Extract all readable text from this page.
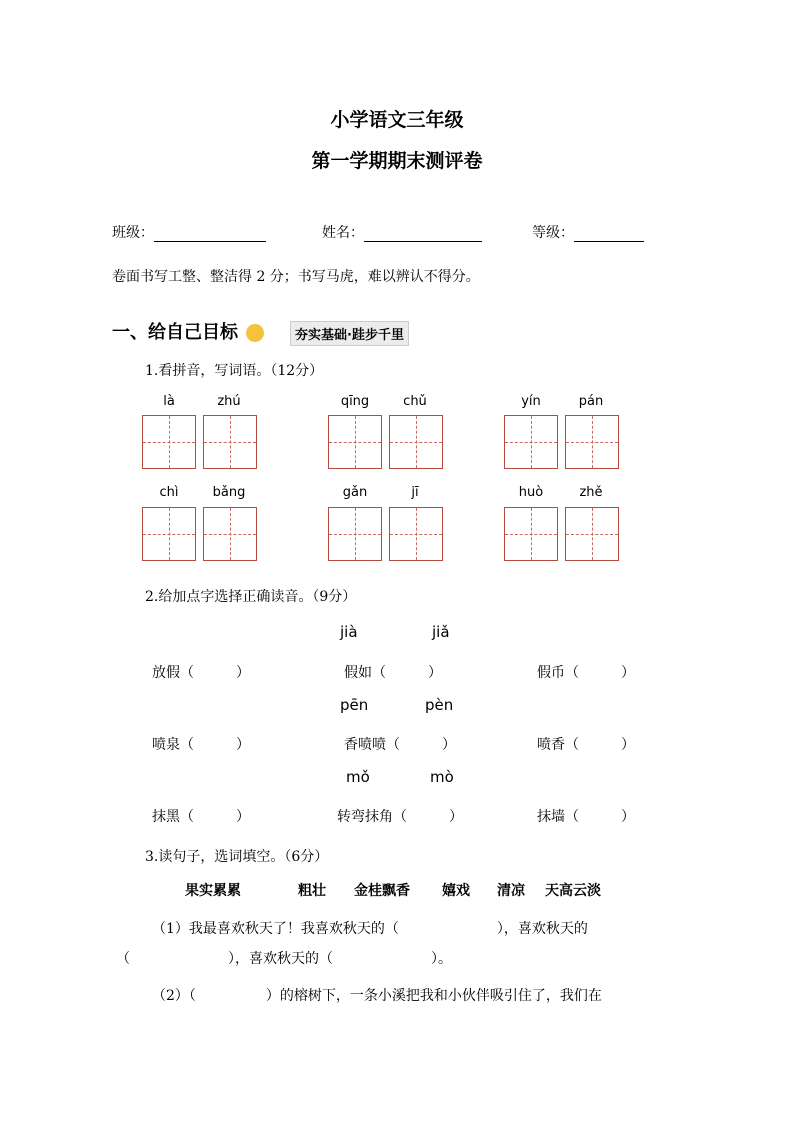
小学语文三年级
第一学期期末测评卷
班级：	姓名：	等级：
卷面书写工整、整洁得 2 分；书写马虎，难以辨认不得分。
一、给自己目标	夯实基础·跬步千里
1.看拼音，写词语。（12分）
là	zhú	qīng	chǔ	yín	pán
chì	bǎng	gǎn	jī	huò	zhě
2.给加点字选择正确读音。（9分）
jià	jiǎ
放假（　　　）	假如（　　　）	假币（　　　）
pēn	pèn
喷泉（　　　）	香喷喷（　　　）	喷香（　　　）
mǒ	mò
抹黑（　　　）	转弯抹角（　　　）	抹墙（　　　）
3.读句子，选词填空。（6分）
果实累累	粗壮 金桂飘香 嬉戏 清凉 天高云淡
（1）我最喜欢秋天了！我喜欢秋天的（　　　　　　　），喜欢秋天的
（　　　　　　　），喜欢秋天的（　　　　　　　）。
（2）（　　　　　）的榕树下，一条小溪把我和小伙伴吸引住了，我们在
